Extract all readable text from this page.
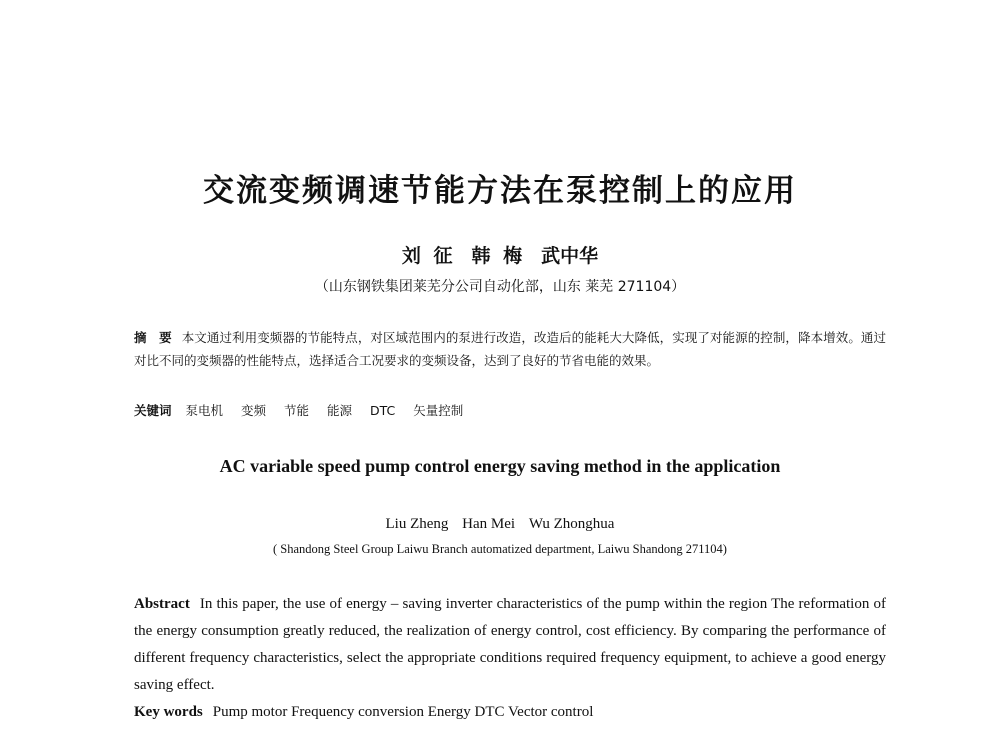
交流变频调速节能方法在泵控制上的应用
刘 征　韩 梅　武中华
（山东钢铁集团莱芜分公司自动化部，山东 莱芜 271104）
摘　要 本文通过利用变频器的节能特点，对区域范围内的泵进行改造，改造后的能耗大大降低，实现了对能源的控制，降本增效。通过对比不同的变频器的性能特点，选择适合工况要求的变频设备，达到了良好的节省电能的效果。
关键词 泵电机 变频 节能 能源 DTC 矢量控制
AC variable speed pump control energy saving method in the application
Liu Zheng Han Mei Wu Zhonghua
( Shandong Steel Group Laiwu Branch automatized department, Laiwu Shandong 271104)
Abstract In this paper, the use of energy – saving inverter characteristics of the pump within the region The reformation of the energy consumption greatly reduced, the realization of energy control, cost efficiency. By comparing the performance of different frequency characteristics, select the appropriate conditions required frequency equipment, to achieve a good energy saving effect.
Key words Pump motor Frequency conversion Energy DTC Vector control
